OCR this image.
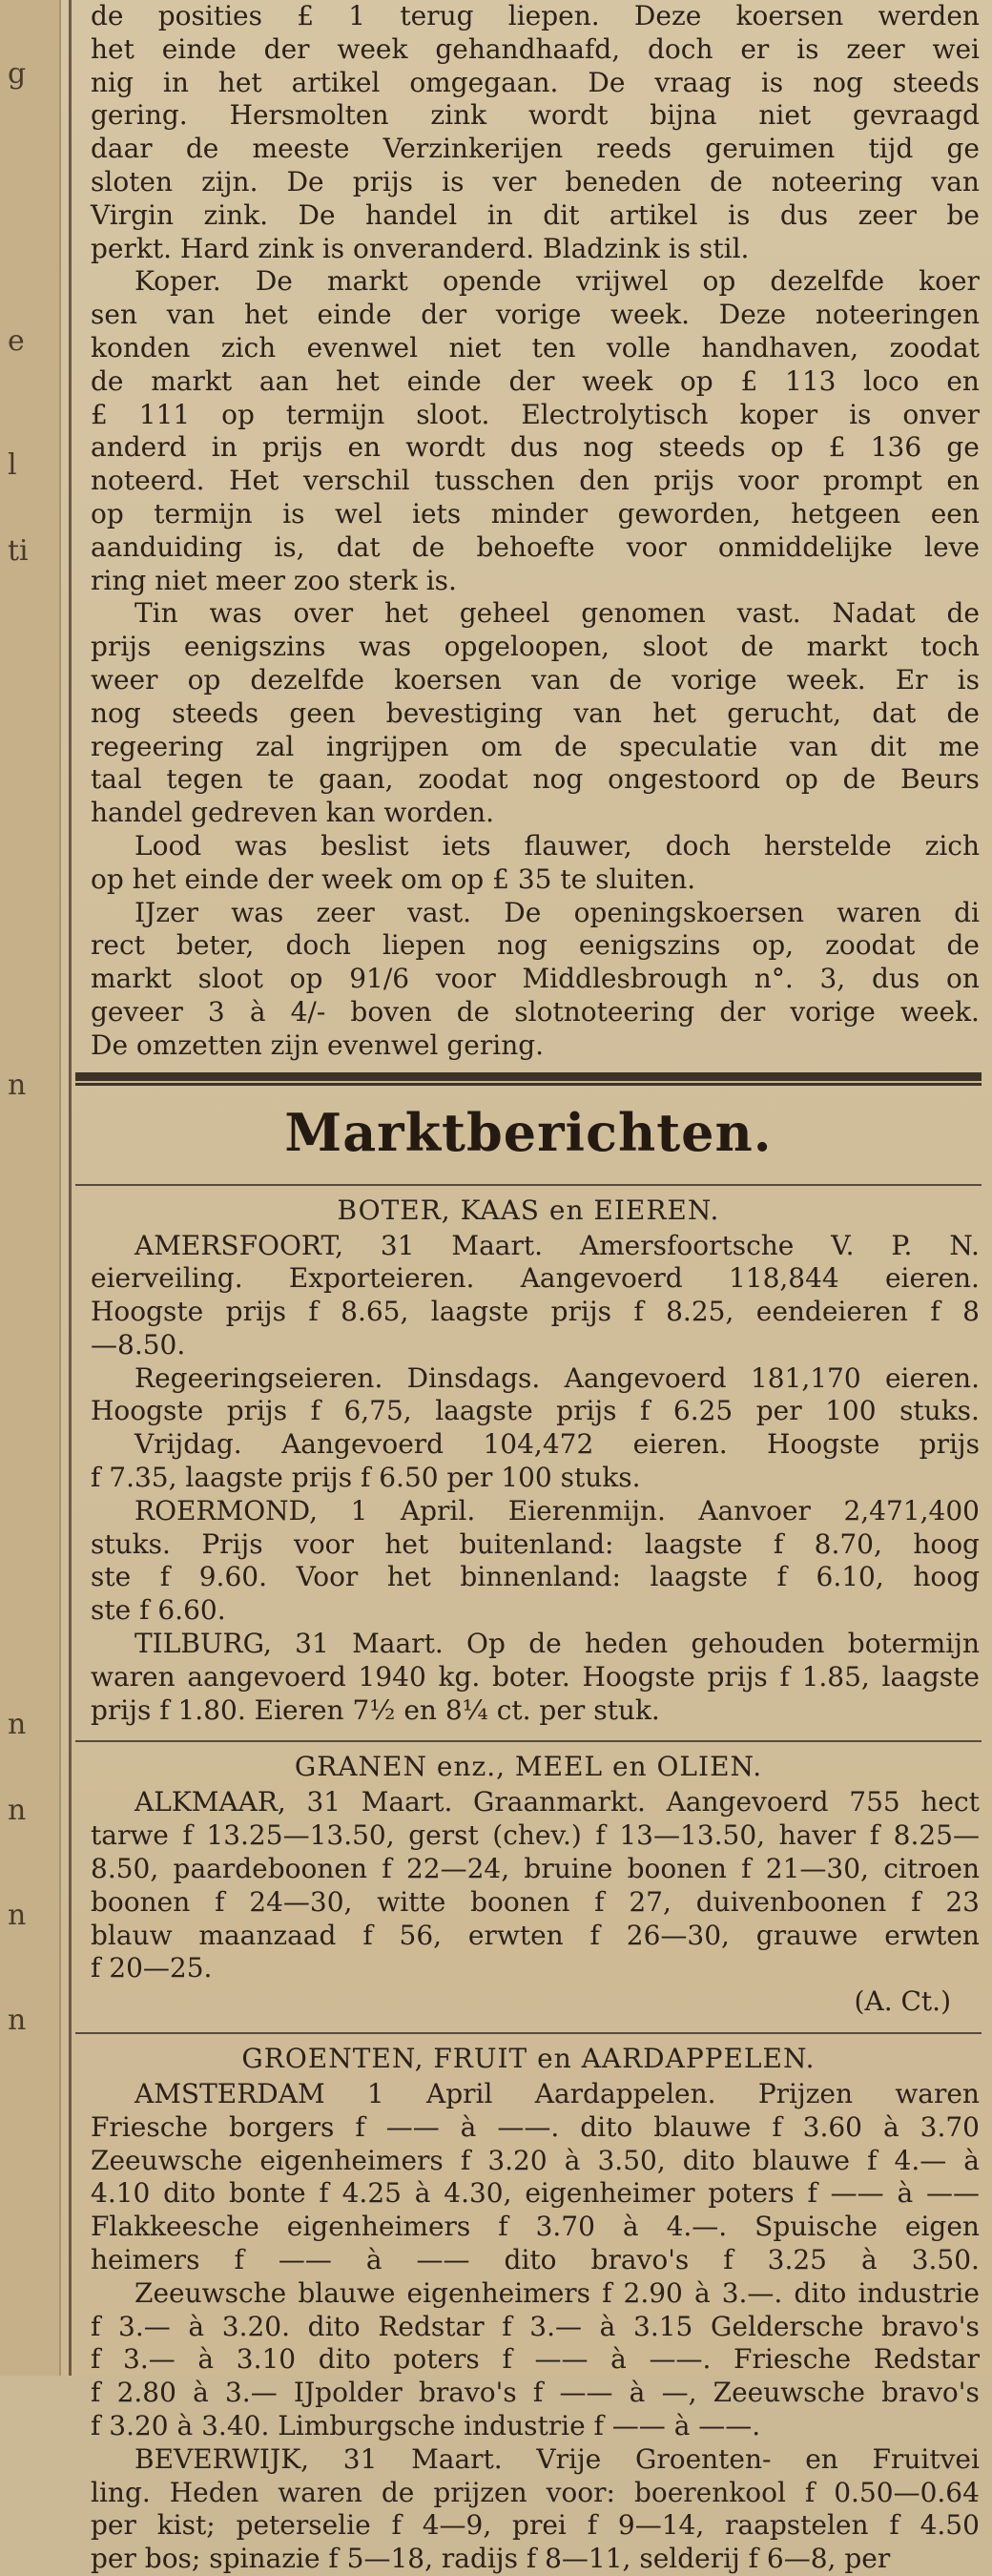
g
e
l
ti
n
n
n
n
n
de posities £ 1 terug liepen. Deze koersen werden
het einde der week gehandhaafd, doch er is zeer wei
nig in het artikel omgegaan. De vraag is nog steeds
gering. Hersmolten zink wordt bijna niet gevraagd
daar de meeste Verzinkerijen reeds geruimen tijd ge
sloten zijn. De prijs is ver beneden de noteering van
Virgin zink. De handel in dit artikel is dus zeer be
perkt. Hard zink is onveranderd. Bladzink is stil.
Koper. De markt opende vrijwel op dezelfde koer
sen van het einde der vorige week. Deze noteeringen
konden zich evenwel niet ten volle handhaven, zoodat
de markt aan het einde der week op £ 113 loco en
£ 111 op termijn sloot. Electrolytisch koper is onver
anderd in prijs en wordt dus nog steeds op £ 136 ge
noteerd. Het verschil tusschen den prijs voor prompt en
op termijn is wel iets minder geworden, hetgeen een
aanduiding is, dat de behoefte voor onmiddelijke leve
ring niet meer zoo sterk is.
Tin was over het geheel genomen vast. Nadat de
prijs eenigszins was opgeloopen, sloot de markt toch
weer op dezelfde koersen van de vorige week. Er is
nog steeds geen bevestiging van het gerucht, dat de
regeering zal ingrijpen om de speculatie van dit me
taal tegen te gaan, zoodat nog ongestoord op de Beurs
handel gedreven kan worden.
Lood was beslist iets flauwer, doch herstelde zich
op het einde der week om op £ 35 te sluiten.
IJzer was zeer vast. De openingskoersen waren di
rect beter, doch liepen nog eenigszins op, zoodat de
markt sloot op 91/6 voor Middlesbrough n°. 3, dus on
geveer 3 à 4/- boven de slotnoteering der vorige week.
De omzetten zijn evenwel gering.
Marktberichten.
BOTER, KAAS en EIEREN.
AMERSFOORT, 31 Maart. Amersfoortsche V. P. N.
eierveiling. Exporteieren. Aangevoerd 118,844 eieren.
Hoogste prijs f 8.65, laagste prijs f 8.25, eendeieren f 8
—8.50.
Regeeringseieren. Dinsdags. Aangevoerd 181,170 eieren.
Hoogste prijs f 6,75, laagste prijs f 6.25 per 100 stuks.
Vrijdag. Aangevoerd 104,472 eieren. Hoogste prijs
f 7.35, laagste prijs f 6.50 per 100 stuks.
ROERMOND, 1 April. Eierenmijn. Aanvoer 2,471,400
stuks. Prijs voor het buitenland: laagste f 8.70, hoog
ste f 9.60. Voor het binnenland: laagste f 6.10, hoog
ste f 6.60.
TILBURG, 31 Maart. Op de heden gehouden botermijn
waren aangevoerd 1940 kg. boter. Hoogste prijs f 1.85, laagste
prijs f 1.80. Eieren 7½ en 8¼ ct. per stuk.
GRANEN enz., MEEL en OLIEN.
ALKMAAR, 31 Maart. Graanmarkt. Aangevoerd 755 hect
tarwe f 13.25—13.50, gerst (chev.) f 13—13.50, haver f 8.25—
8.50, paardeboonen f 22—24, bruine boonen f 21—30, citroen
boonen f 24—30, witte boonen f 27, duivenboonen f 23
blauw maanzaad f 56, erwten f 26—30, grauwe erwten
f 20—25.
(A. Ct.)
GROENTEN, FRUIT en AARDAPPELEN.
AMSTERDAM 1 April Aardappelen. Prijzen waren
Friesche borgers f —— à ——. dito blauwe f 3.60 à 3.70
Zeeuwsche eigenheimers f 3.20 à 3.50, dito blauwe f 4.— à
4.10 dito bonte f 4.25 à 4.30, eigenheimer poters f —— à ——
Flakkeesche eigenheimers f 3.70 à 4.—. Spuische eigen
heimers f —— à —— dito bravo's f 3.25 à 3.50.
Zeeuwsche blauwe eigenheimers f 2.90 à 3.—. dito industrie
f 3.— à 3.20. dito Redstar f 3.— à 3.15 Geldersche bravo's
f 3.— à 3.10 dito poters f —— à ——. Friesche Redstar
f 2.80 à 3.— IJpolder bravo's f —— à —, Zeeuwsche bravo's
f 3.20 à 3.40. Limburgsche industrie f —— à ——.
BEVERWIJK, 31 Maart. Vrije Groenten- en Fruitvei
ling. Heden waren de prijzen voor: boerenkool f 0.50—0.64
per kist; peterselie f 4—9, prei f 9—14, raapstelen f 4.50
per bos; spinazie f 5—18, radijs f 8—11, selderij f 6—8, per
